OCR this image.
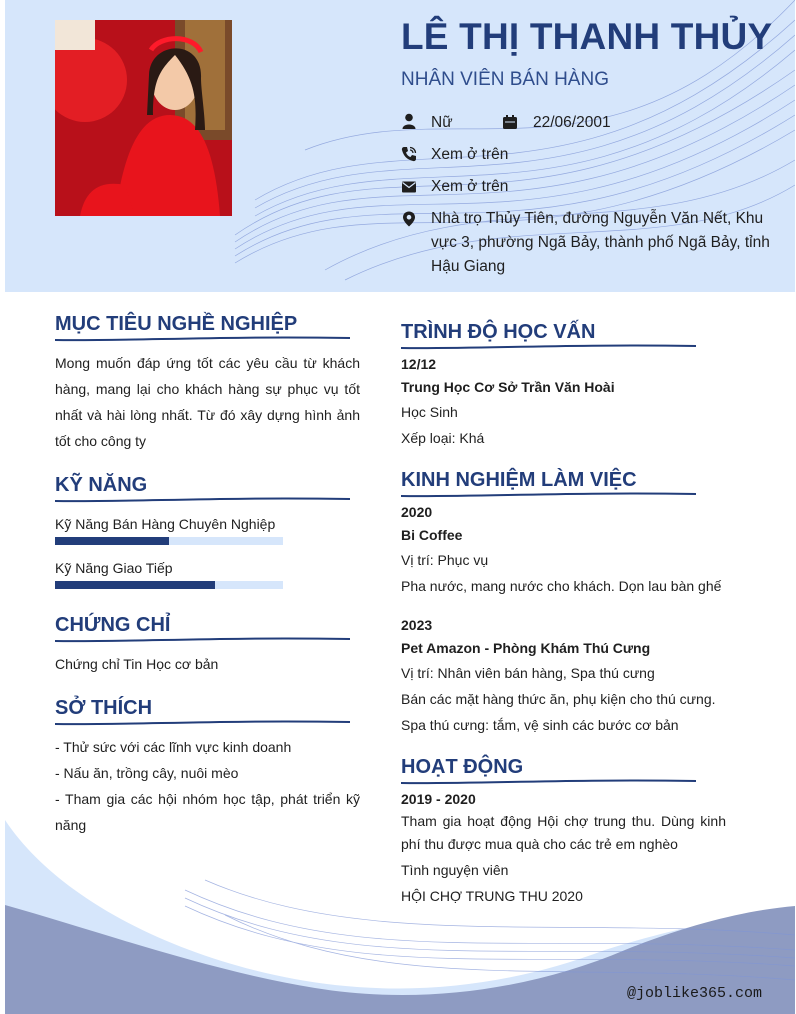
LÊ THỊ THANH THỦY
NHÂN VIÊN BÁN HÀNG
Nữ	22/06/2001
Xem ở trên
Xem ở trên
Nhà trọ Thủy Tiên, đường Nguyễn Văn Nết, Khu vực 3, phường Ngã Bảy, thành phố Ngã Bảy, tỉnh Hậu Giang
MỤC TIÊU NGHỀ NGHIỆP
Mong muốn đáp ứng tốt các yêu cầu từ khách hàng, mang lại cho khách hàng sự phục vụ tốt nhất và hài lòng nhất. Từ đó xây dựng hình ảnh tốt cho công ty
KỸ NĂNG
Kỹ Năng Bán Hàng Chuyên Nghiệp
Kỹ Năng Giao Tiếp
CHỨNG CHỈ
Chứng chỉ Tin Học cơ bản
SỞ THÍCH
- Thử sức với các lĩnh vực kinh doanh
- Nấu ăn, trồng cây, nuôi mèo
- Tham gia các hội nhóm học tập, phát triển kỹ năng
TRÌNH ĐỘ HỌC VẤN
12/12
Trung Học Cơ Sở Trần Văn Hoài
Học Sinh
Xếp loại: Khá
KINH NGHIỆM LÀM VIỆC
2020
Bi Coffee
Vị trí: Phục vụ
Pha nước, mang nước cho khách. Dọn lau bàn ghế
2023
Pet Amazon - Phòng Khám Thú Cưng
Vị trí: Nhân viên bán hàng, Spa thú cưng
Bán các mặt hàng thức ăn, phụ kiện cho thú cưng.
Spa thú cưng: tắm, vệ sinh các bước cơ bản
HOẠT ĐỘNG
2019 - 2020
Tham gia hoạt động Hội chợ trung thu. Dùng kinh phí thu được mua quà cho các trẻ em nghèo
Tình nguyện viên
HỘI CHỢ TRUNG THU 2020
@joblike365.com
